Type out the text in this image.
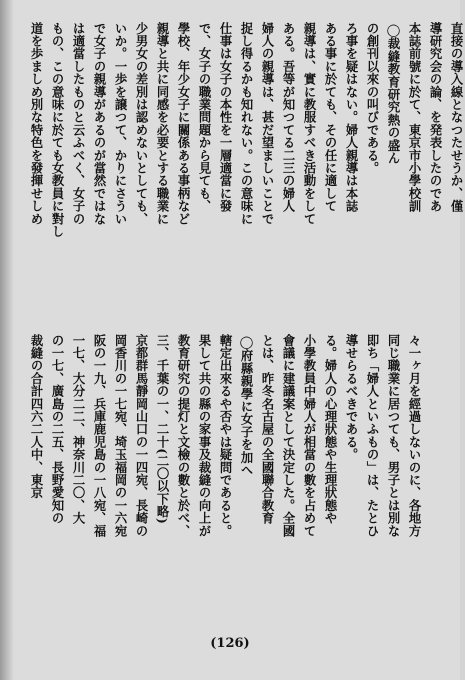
直接の導入線となつたせうか、僅
導研究会の論、を発表したのであ
本誌前號に於て、東京市小學校訓
◯裁縫教育研究熱の盛ん
の創刊以來の叫びである。
ろ事を疑はない。婦人親導は本誌
ある事に於ても、その任に適して
親導は、實に教服すべき活動をして
ある。吾等が知つてる二三の婦人
婦人の親導は、甚だ望ましいことで
捉し得るかも知れない。この意味に
仕事は女子の本性を一層適當に發
で、女子の職業問題から見ても、
學校、年少女子に關係ある事柄など
親導と共に同感を必要とする職業に
少男女の差別は認めないとしても、
いか。一歩を譲つて、かりにさうい
で女子の親導があるのが當然ではな
は適當したものと云ふべく、女子の
もの、この意味に於ても女教員に對し
道を歩ましめ別な特色を發揮せしめ
々一ヶ月を經過しないのに、各地方
同じ職業に居つても、男子とは別な
即ち「婦人といふもの」は、たとひ
導せらるべきである。
る。婦人の心理狀態や生理狀態や
小學教員中婦人が相當の數を占めて
會議に建議案として決定した。全國
とは、昨冬名古屋の全國聯合教育
◯府縣親學に女子を加へ
轄定出來るや否やは疑問であると。
果して共の縣の家事及裁縫の向上が
教育研究の提灯と文檢の數と於べ、
三、千葉の一、二十(二〇以下略)
京都群馬靜岡山口の一四宛、長崎の
岡香川の一七宛、埼玉福岡の一六宛
阪の一九、兵庫鹿児島の一八宛、福
一七、大分二二、神奈川二〇、大
の一七、廣島の二五、長野愛知の
裁縫の合計四六二人中、東京
(126)
